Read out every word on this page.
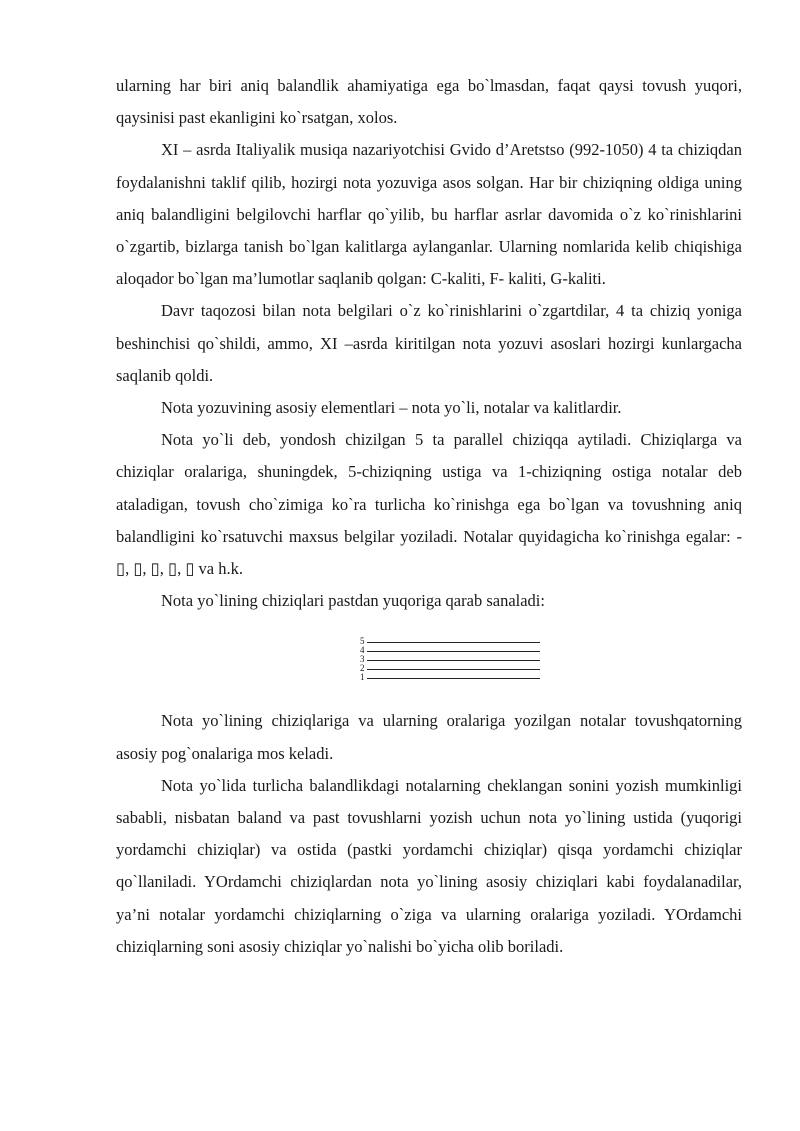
ularning har biri aniq balandlik ahamiyatiga ega bo`lmasdan, faqat qaysi tovush yuqori, qaysinisi past ekanligini ko`rsatgan, xolos.

XI – asrda Italiyalik musiqa nazariyotchisi Gvido d’Aretstso (992-1050) 4 ta chiziqdan foydalanishni taklif qilib, hozirgi nota yozuviga asos solgan. Har bir chiziqning oldiga uning aniq balandligini belgilovchi harflar qo`yilib, bu harflar asrlar davomida o`z ko`rinishlarini o`zgartib, bizlarga tanish bo`lgan kalitlarga aylanganlar. Ularning nomlarida kelib chiqishiga aloqador bo`lgan ma’lumotlar saqlanib qolgan: C-kaliti, F- kaliti, G-kaliti.

Davr taqozosi bilan nota belgilari o`z ko`rinishlarini o`zgartdilar, 4 ta chiziq yoniga beshinchisi qo`shildi, ammo, XI –asrda kiritilgan nota yozuvi asoslari hozirgi kunlargacha saqlanib qoldi.

Nota yozuvining asosiy elementlari – nota yo`li, notalar va kalitlardir.

Nota yo`li deb, yondosh chizilgan 5 ta parallel chiziqqa aytiladi. Chiziqlarga va chiziqlar oralariga, shuningdek, 5-chiziqning ustiga va 1-chiziqning ostiga notalar deb ataladigan, tovush cho`zimiga ko`ra turlicha ko`rinishga ega bo`lgan va tovushning aniq balandligini ko`rsatuvchi maxsus belgilar yoziladi. Notalar quyidagicha ko`rinishga egalar: - ▯, ▯, ▯, ▯, ▯ va h.k.

Nota yo`lining chiziqlari pastdan yuqoriga qarab sanaladi:

5
4
3
2
1

Nota yo`lining chiziqlariga va ularning oralariga yozilgan notalar tovushqatorning asosiy pog`onalariga mos keladi.

Nota yo`lida turlicha balandlikdagi notalarning cheklangan sonini yozish mumkinligi sababli, nisbatan baland va past tovushlarni yozish uchun nota yo`lining ustida (yuqorigi yordamchi chiziqlar) va ostida (pastki yordamchi chiziqlar) qisqa yordamchi chiziqlar qo`llaniladi. YOrdamchi chiziqlardan nota yo`lining asosiy chiziqlari kabi foydalanadilar, ya’ni notalar yordamchi chiziqlarning o`ziga va ularning oralariga yoziladi. YOrdamchi chiziqlarning soni asosiy chiziqlar yo`nalishi bo`yicha olib boriladi.
